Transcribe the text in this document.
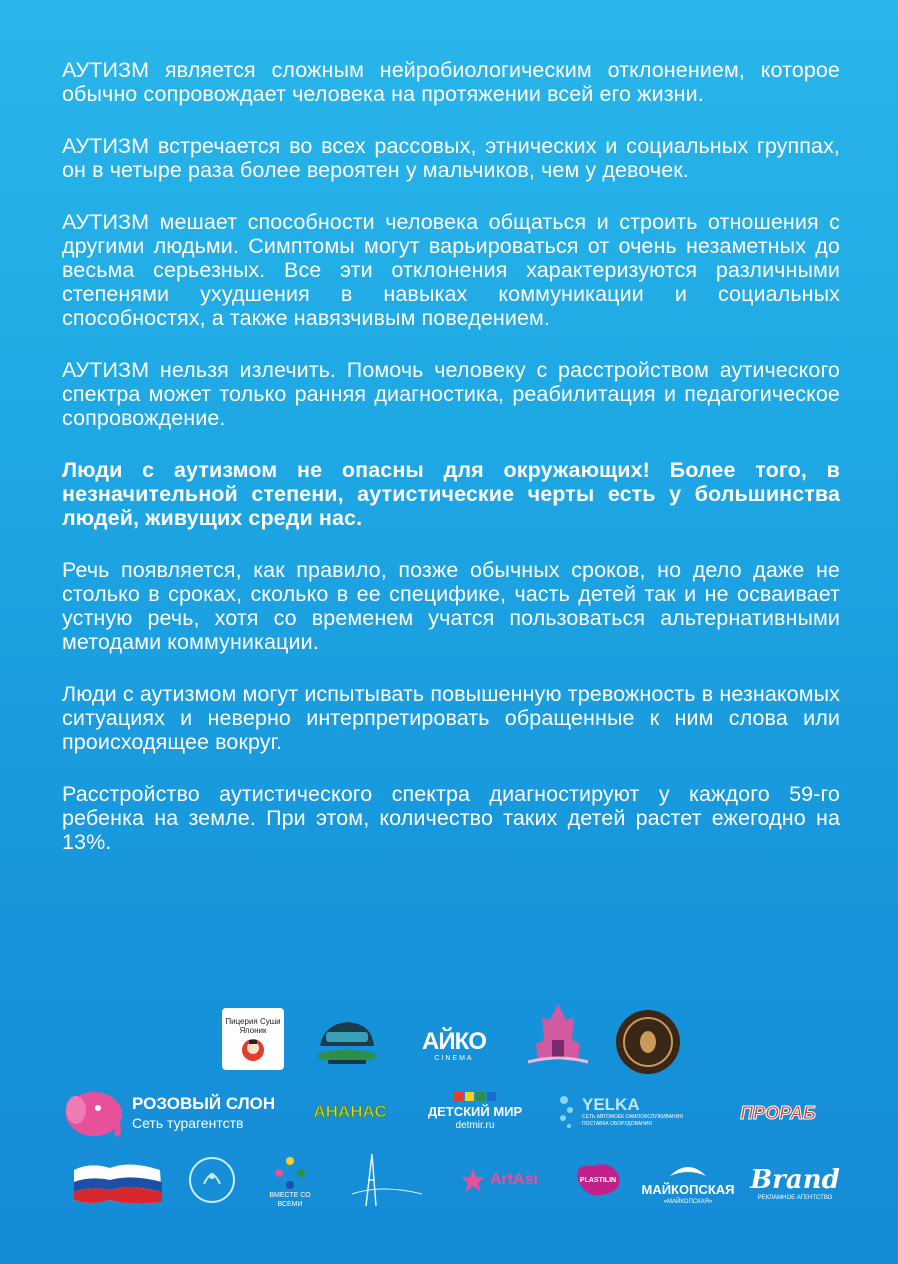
АУТИЗМ является сложным нейробиологическим отклонением, которое обычно сопровождает человека на протяжении всей его жизни.

АУТИЗМ встречается во всех рассовых, этнических и социальных группах, он в четыре раза более вероятен у мальчиков, чем у девочек.

АУТИЗМ мешает способности человека общаться и строить отношения с другими людьми. Симптомы могут варьироваться от очень незаметных до весьма серьезных. Все эти отклонения характеризуются различными степенями ухудшения в навыках коммуникации и социальных способностях, а также навязчивым поведением.

АУТИЗМ нельзя излечить. Помочь человеку с расстройством аутического спектра может только ранняя диагностика, реабилитация и педагогическое сопровождение.

Люди с аутизмом не опасны для окружающих! Более того, в незначительной степени, аутистические черты есть у большинства людей, живущих среди нас.

Речь появляется, как правило, позже обычных сроков, но дело даже не столько в сроках, сколько в ее специфике, часть детей так и не осваивает устную речь, хотя со временем учатся пользоваться альтернативными методами коммуникации.

Люди с аутизмом могут испытывать повышенную тревожность в незнакомых ситуациях и неверно интерпретировать обращенные к ним слова или происходящее вокруг.

Расстройство аутистического спектра диагностируют у каждого 59-го ребенка на земле. При этом, количество таких детей растет ежегодно на 13%.

Пицерия Суши Японик	АЙКО
CINEMA
РОЗОВЫЙ СЛОН
Сеть турагентств
АНАНАС	ДЕТСКИЙ МИР
detmir.ru
YELKA
СЕТЬ АВТОМОЕК САМООБСЛУЖИВАНИЯ
ПОСТАВКА ОБОРУДОВАНИЯ
ПРОРАБ
ВМЕСТЕ СО ВСЕМИ
ArtAsi	PLASTILIN
МАЙКОПСКАЯ
«МАЙКОПСКАЯ»
Brand
РЕКЛАМНОЕ АГЕНТСТВО
